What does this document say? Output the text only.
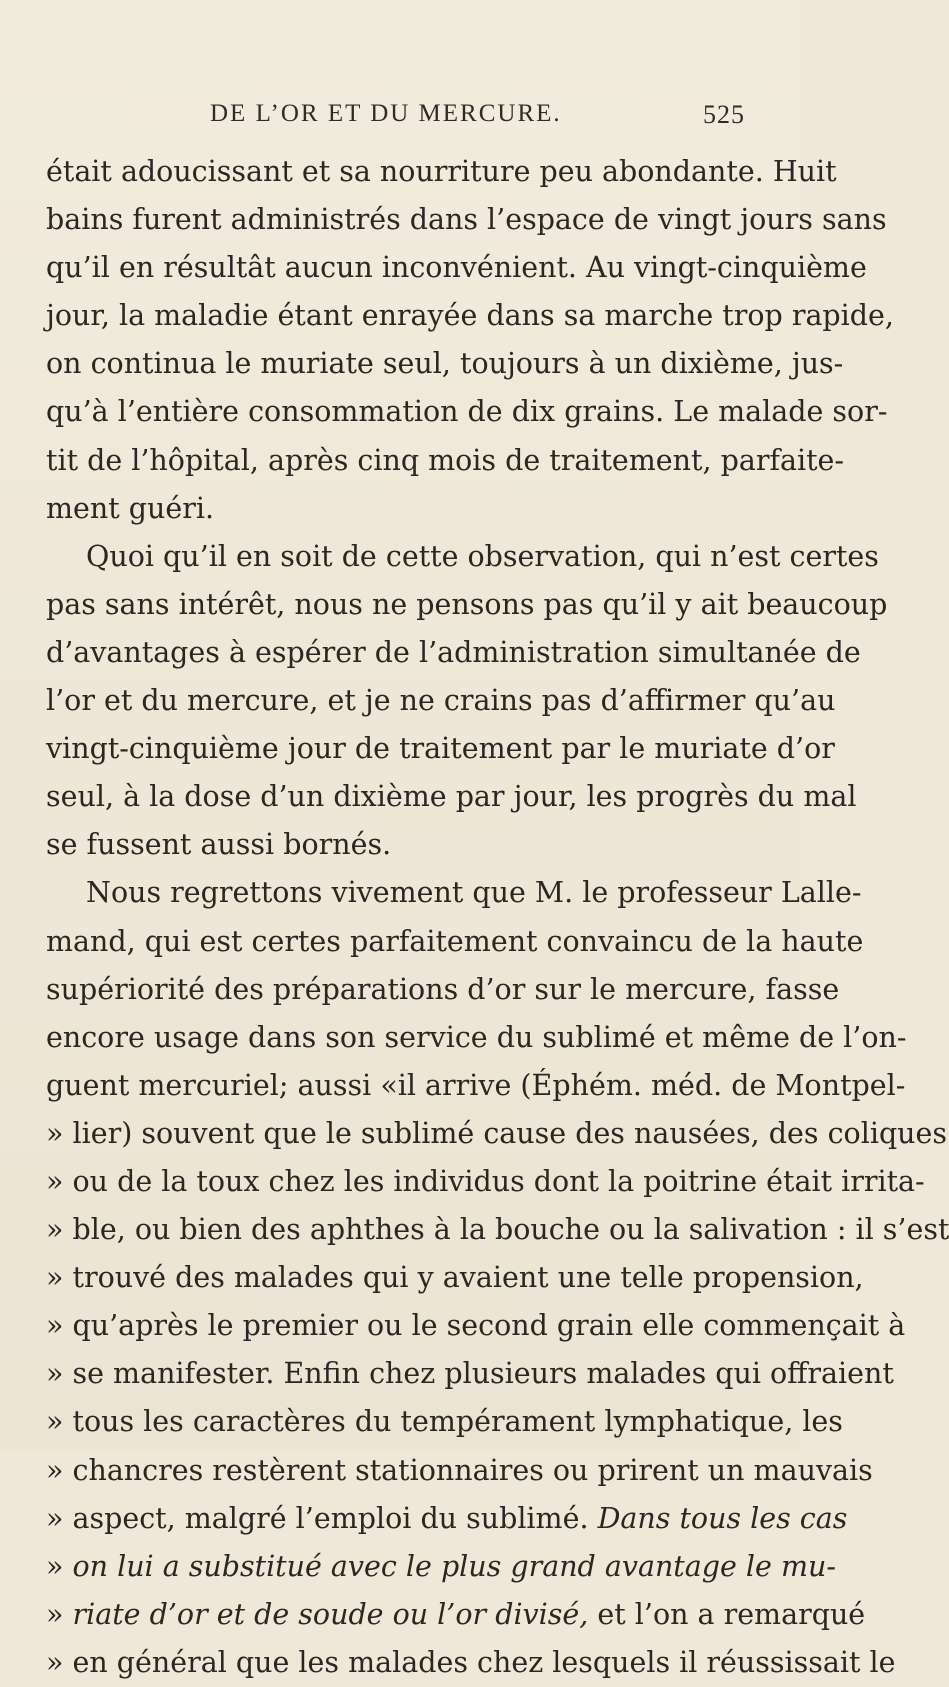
DE L’OR ET DU MERCURE.	525
était adoucissant et sa nourriture peu abondante. Huit
bains furent administrés dans l’espace de vingt jours sans
qu’il en résultât aucun inconvénient. Au vingt-cinquième
jour, la maladie étant enrayée dans sa marche trop rapide,
on continua le muriate seul, toujours à un dixième, jus-
qu’à l’entière consommation de dix grains. Le malade sor-
tit de l’hôpital, après cinq mois de traitement, parfaite-
ment guéri.
Quoi qu’il en soit de cette observation, qui n’est certes
pas sans intérêt, nous ne pensons pas qu’il y ait beaucoup
d’avantages à espérer de l’administration simultanée de
l’or et du mercure, et je ne crains pas d’affirmer qu’au
vingt-cinquième jour de traitement par le muriate d’or
seul, à la dose d’un dixième par jour, les progrès du mal
se fussent aussi bornés.
Nous regrettons vivement que M. le professeur Lalle-
mand, qui est certes parfaitement convaincu de la haute
supériorité des préparations d’or sur le mercure, fasse
encore usage dans son service du sublimé et même de l’on-
guent mercuriel; aussi «il arrive (Éphém. méd. de Montpel-
» lier) souvent que le sublimé cause des nausées, des coliques
» ou de la toux chez les individus dont la poitrine était irrita-
» ble, ou bien des aphthes à la bouche ou la salivation : il s’est
» trouvé des malades qui y avaient une telle propension,
» qu’après le premier ou le second grain elle commençait à
» se manifester. Enfin chez plusieurs malades qui offraient
» tous les caractères du tempérament lymphatique, les
» chancres restèrent stationnaires ou prirent un mauvais
» aspect, malgré l’emploi du sublimé. Dans tous les cas
» on lui a substitué avec le plus grand avantage le mu-
» riate d’or et de soude ou l’or divisé, et l’on a remarqué
» en général que les malades chez lesquels il réussissait le
